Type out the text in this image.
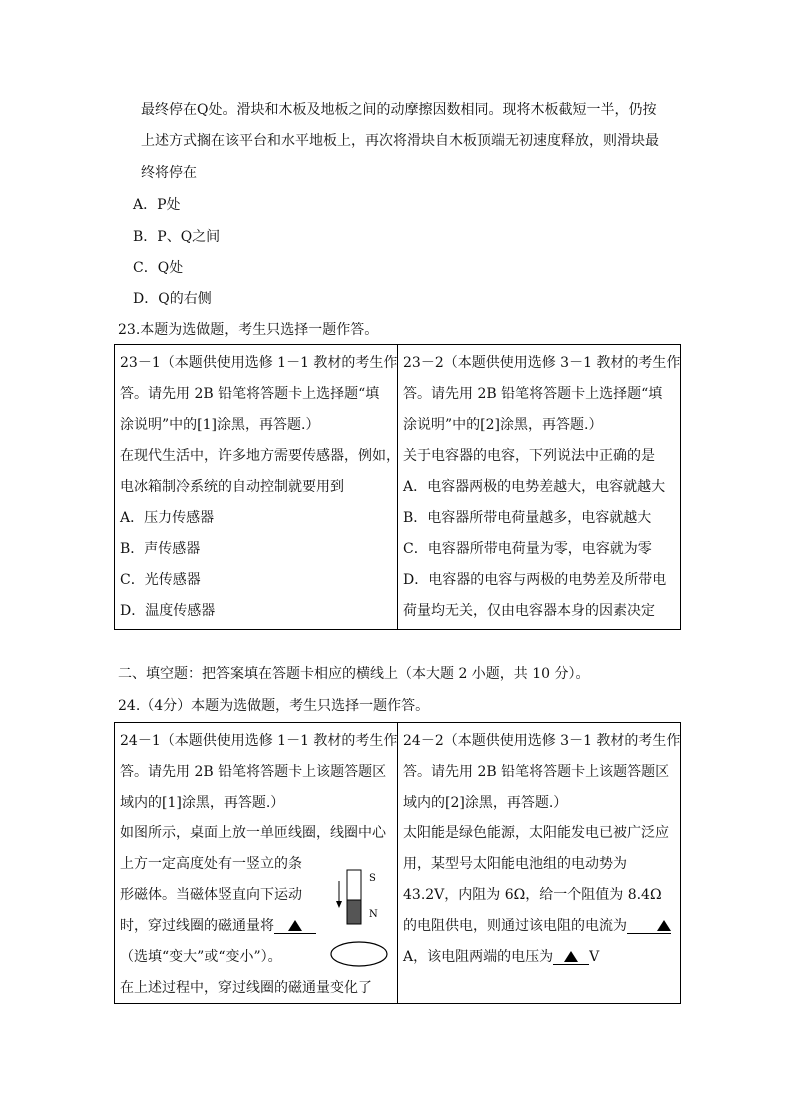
最终停在Q处。滑块和木板及地板之间的动摩擦因数相同。现将木板截短一半，仍按
上述方式搁在该平台和水平地板上，再次将滑块自木板顶端无初速度释放，则滑块最
终将停在
A．P处
B．P、Q之间
C．Q处
D．Q的右侧
23.本题为选做题，考生只选择一题作答。
23－1（本题供使用选修 1－1 教材的考生作
答。请先用 2B 铅笔将答题卡上选择题“填
涂说明”中的[1]涂黑，再答题.）
在现代生活中，许多地方需要传感器，例如，
电冰箱制冷系统的自动控制就要用到
A．压力传感器
B．声传感器
C．光传感器
D．温度传感器

23－2（本题供使用选修 3－1 教材的考生作
答。请先用 2B 铅笔将答题卡上选择题“填
涂说明”中的[2]涂黑，再答题.）
关于电容器的电容，下列说法中正确的是
A．电容器两极的电势差越大，电容就越大
B．电容器所带电荷量越多，电容就越大
C．电容器所带电荷量为零，电容就为零
D．电容器的电容与两极的电势差及所带电
荷量均无关，仅由电容器本身的因素决定
二、填空题：把答案填在答题卡相应的横线上（本大题 2 小题，共 10 分）。
24.（4分）本题为选做题，考生只选择一题作答。
24－1（本题供使用选修 1－1 教材的考生作
答。请先用 2B 铅笔将答题卡上该题答题区
域内的[1]涂黑，再答题.）
如图所示，桌面上放一单匝线圈，线圈中心
上方一定高度处有一竖立的条
形磁体。当磁体竖直向下运动
时，穿过线圈的磁通量将
（选填“变大”或“变小”）。
在上述过程中，穿过线圈的磁通量变化了
S
N

24－2（本题供使用选修 3－1 教材的考生作
答。请先用 2B 铅笔将答题卡上该题答题区
域内的[2]涂黑，再答题.）
太阳能是绿色能源，太阳能发电已被广泛应
用，某型号太阳能电池组的电动势为
43.2V，内阻为 6Ω，给一个阻值为 8.4Ω
的电阻供电，则通过该电阻的电流为
A，该电阻两端的电压为	V
